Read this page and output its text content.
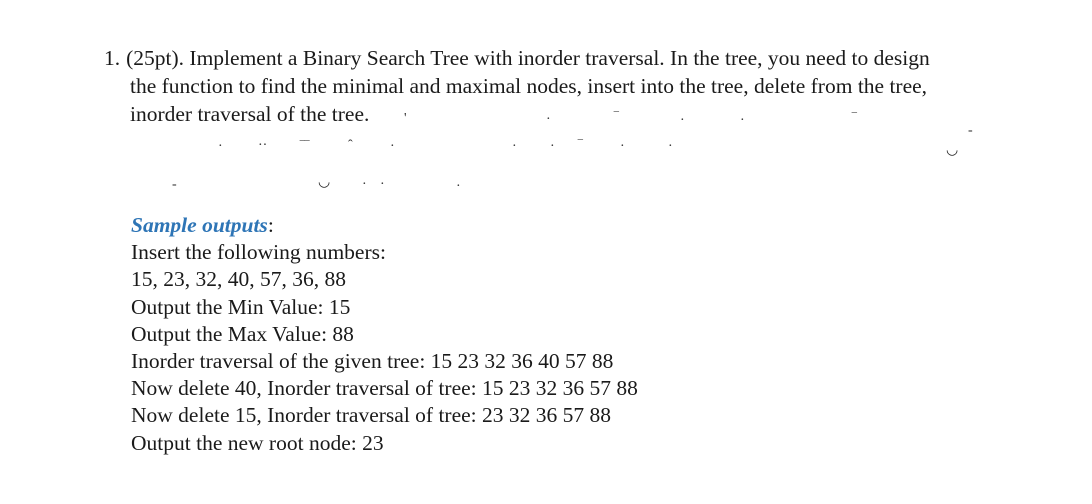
1. (25pt). Implement a Binary Search Tree with inorder traversal. In the tree, you need to design
the function to find the minimal and maximal nodes, insert into the tree, delete from the tree,
inorder traversal of the tree.	'	·	‾	·	·	‾
·	·· ‾‾	ˆ	·	· · ‾	·	·
-
◡
-	◡ · ·	·
Sample outputs:
Insert the following numbers:
15, 23, 32, 40, 57, 36, 88
Output the Min Value: 15
Output the Max Value: 88
Inorder traversal of the given tree: 15 23 32 36 40 57 88
Now delete 40, Inorder traversal of tree: 15 23 32 36 57 88
Now delete 15, Inorder traversal of tree: 23 32 36 57 88
Output the new root node: 23
